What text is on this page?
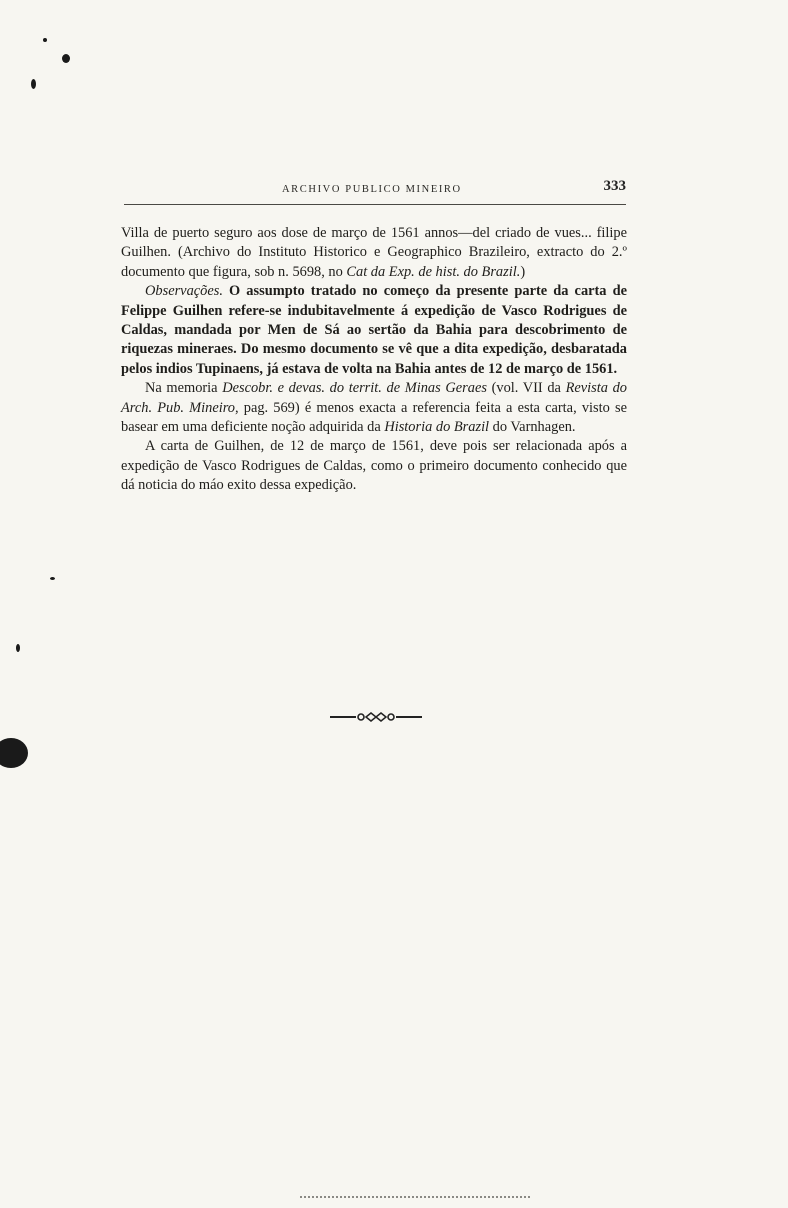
ARCHIVO PUBLICO MINEIRO	333

Villa de puerto seguro aos dose de março de 1561 annos—del criado de vues... filipe Guilhen. (Archivo do Instituto Historico e Geographico Brazileiro, extracto do 2.º documento que figura, sob n. 5698, no Cat da Exp. de hist. do Brazil.)

Observações. O assumpto tratado no começo da presente parte da carta de Felippe Guilhen refere-se indubitavelmente á expedição de Vasco Rodrigues de Caldas, mandada por Men de Sá ao sertão da Bahia para descobrimento de riquezas mineraes. Do mesmo documento se vê que a dita expedição, desbaratada pelos indios Tupinaens, já estava de volta na Bahia antes de 12 de março de 1561.

Na memoria Descobr. e devas. do territ. de Minas Geraes (vol. VII da Revista do Arch. Pub. Mineiro, pag. 569) é menos exacta a referencia feita a esta carta, visto se basear em uma deficiente noção adquirida da Historia do Brazil do Varnhagen.

A carta de Guilhen, de 12 de março de 1561, deve pois ser relacionada após a expedição de Vasco Rodrigues de Caldas, como o primeiro documento conhecido que dá noticia do máo exito dessa expedição.
